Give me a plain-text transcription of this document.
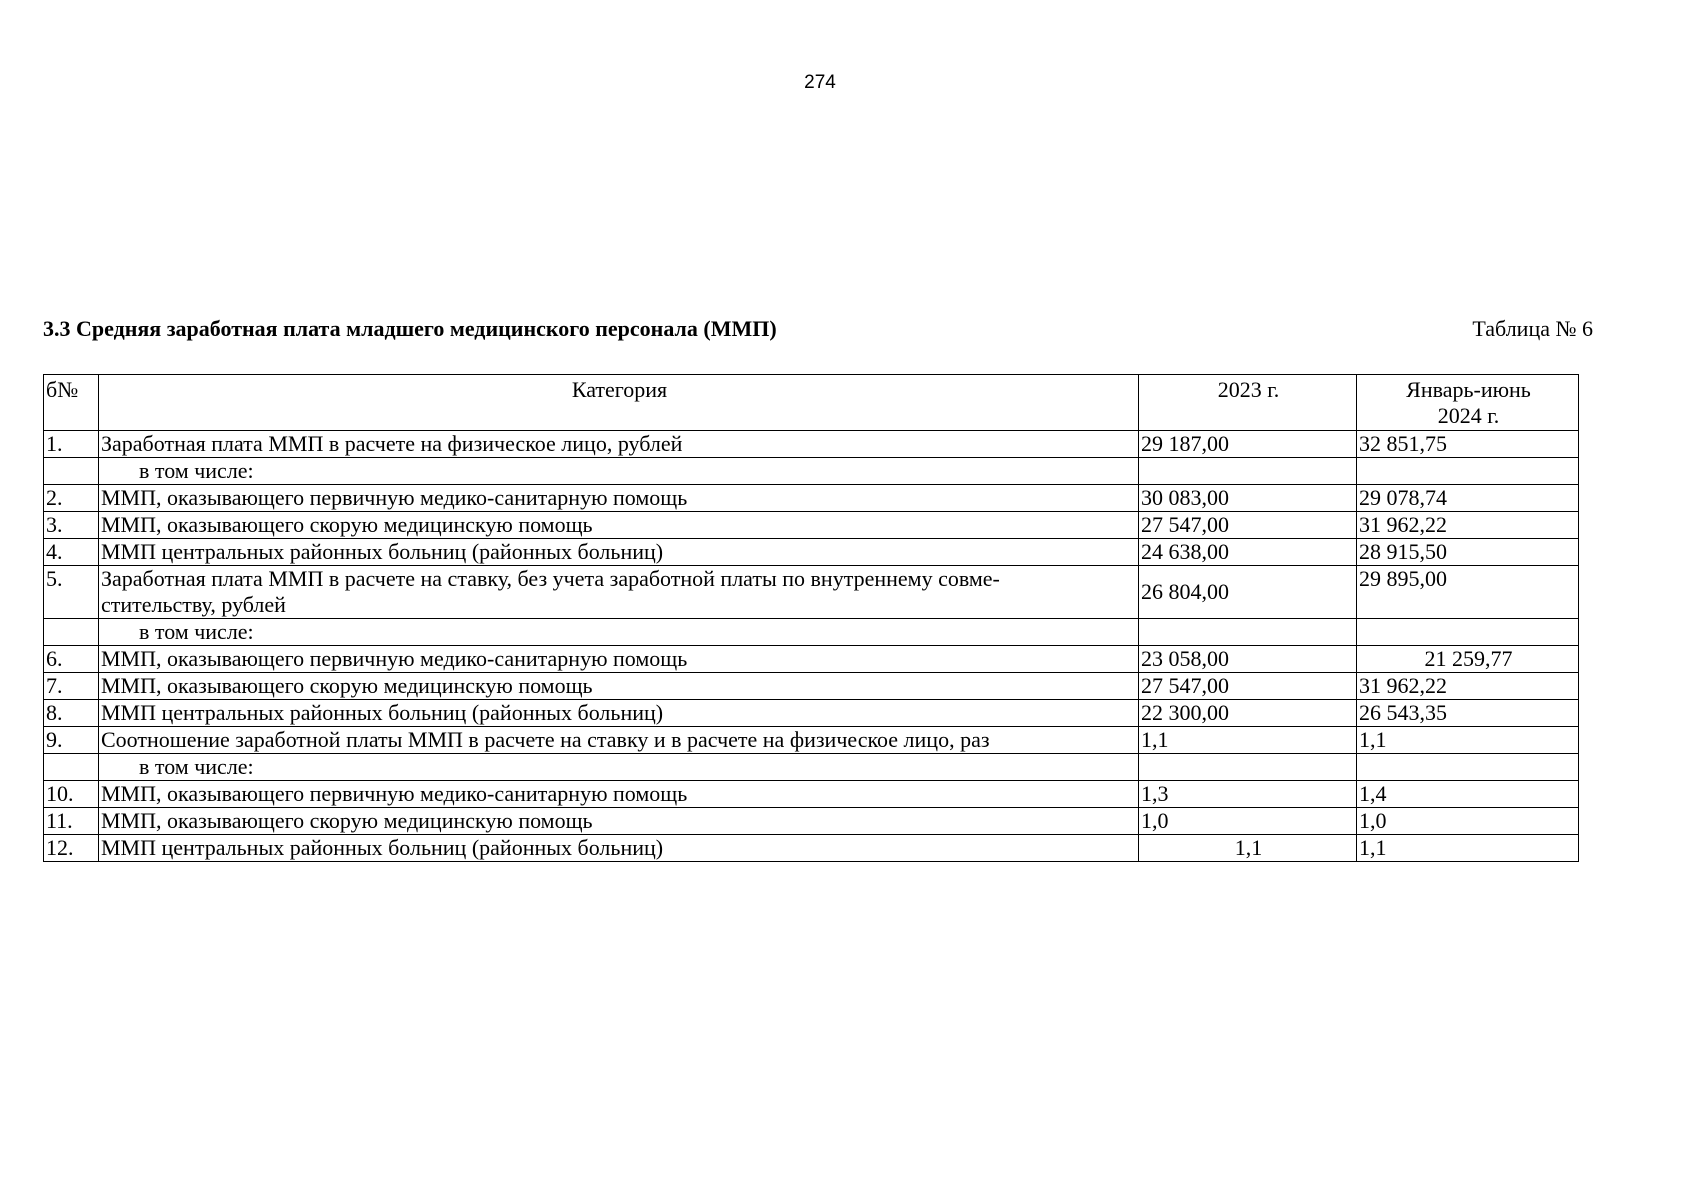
274
3.3 Средняя заработная плата младшего медицинского персонала (ММП)	Таблица № 6
б№	Категория	2023 г.	Январь-июнь
2024 г.

1.	Заработная плата ММП в расчете на физическое лицо, рублей	29 187,00	32 851,75
	в том числе:		
2.	ММП, оказывающего первичную медико-санитарную помощь	30 083,00	29 078,74
3.	ММП, оказывающего скорую медицинскую помощь	27 547,00	31 962,22
4.	ММП центральных районных больниц (районных больниц)	24 638,00	28 915,50
5.	Заработная плата ММП в расчете на ставку, без учета заработной платы по внутреннему совме-
стительству, рублей	26 804,00	29 895,00
	в том числе:		
6.	ММП, оказывающего первичную медико-санитарную помощь	23 058,00	21 259,77
7.	ММП, оказывающего скорую медицинскую помощь	27 547,00	31 962,22
8.	ММП центральных районных больниц (районных больниц)	22 300,00	26 543,35
9.	Соотношение заработной платы ММП в расчете на ставку и в расчете на физическое лицо, раз	1,1	1,1
	в том числе:		
10.	ММП, оказывающего первичную медико-санитарную помощь	1,3	1,4
11.	ММП, оказывающего скорую медицинскую помощь	1,0	1,0
12.	ММП центральных районных больниц (районных больниц)	1,1	1,1
